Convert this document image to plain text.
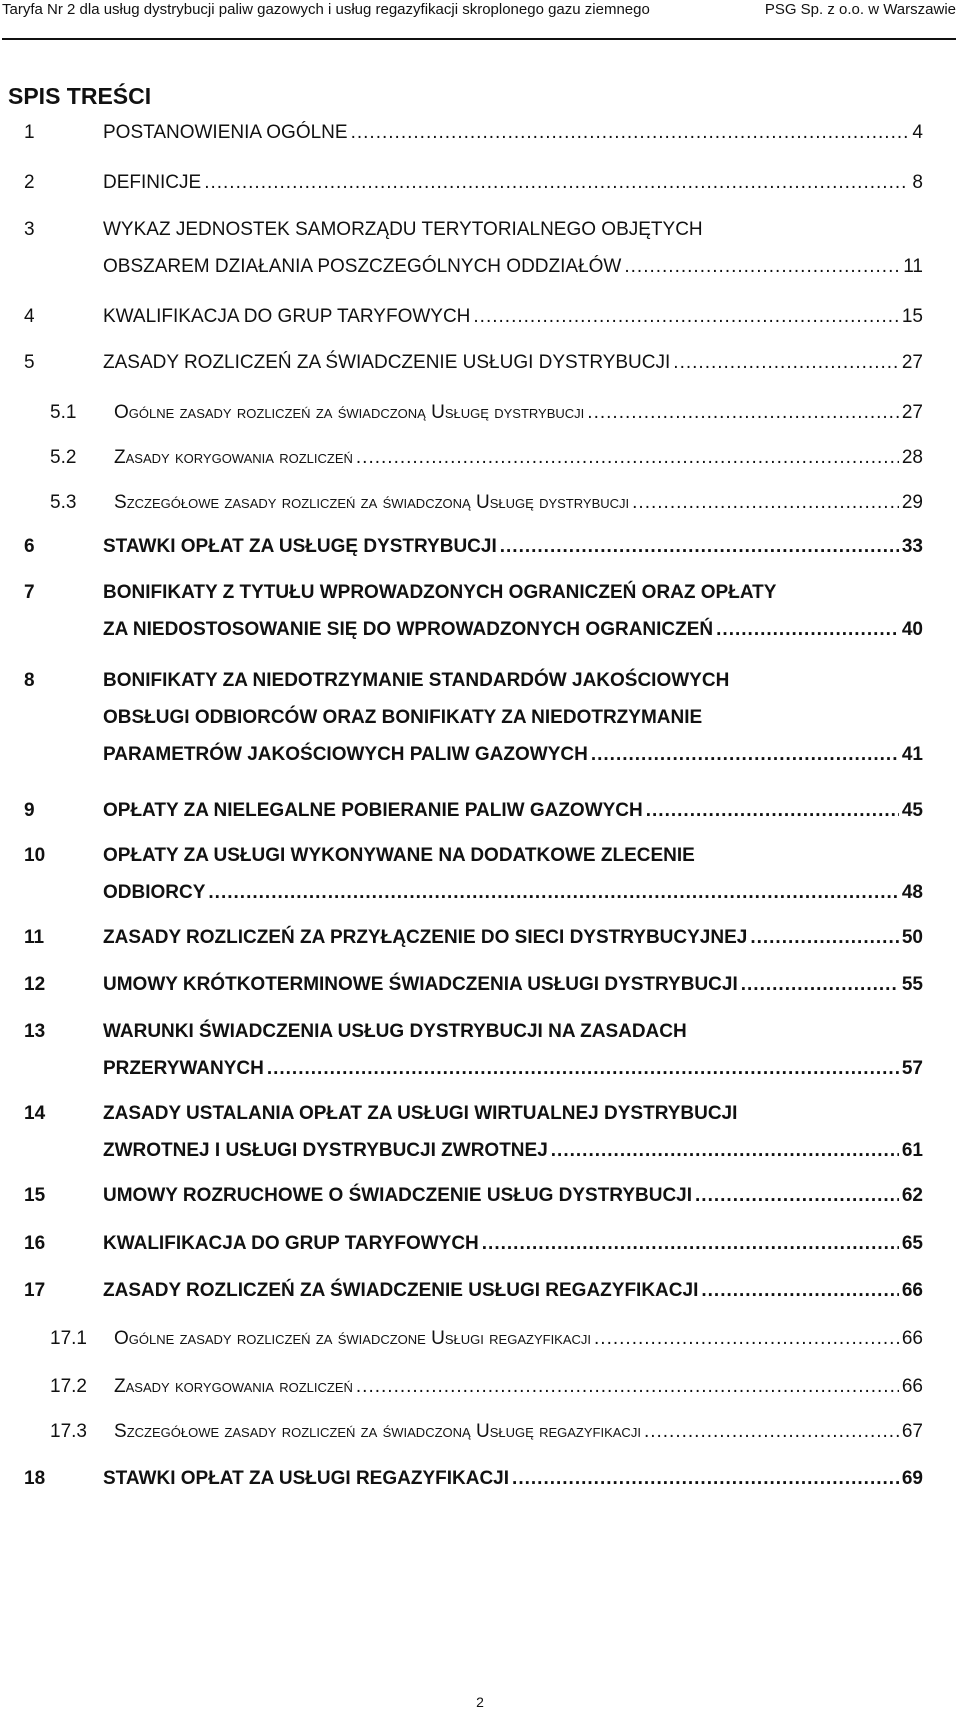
Taryfa Nr 2 dla usług dystrybucji paliw gazowych i usług regazyfikacji skroplonego gazu ziemnego	PSG Sp. z o.o. w Warszawie
SPIS TREŚCI
1	POSTANOWIENIA OGÓLNE .....	4
2	DEFINICJE .....	8
3	WYKAZ JEDNOSTEK SAMORZĄDU TERYTORIALNEGO OBJĘTYCH
OBSZAREM DZIAŁANIA POSZCZEGÓLNYCH ODDZIAŁÓW .....	11
4	KWALIFIKACJA DO GRUP TARYFOWYCH .....	15
5	ZASADY ROZLICZEŃ ZA ŚWIADCZENIE USŁUGI DYSTRYBUCJI .....	27
5.1 Ogólne zasady rozliczeń za świadczoną Usługę dystrybucji .....	27
5.2 Zasady korygowania rozliczeń .....	28
5.3 Szczegółowe zasady rozliczeń za świadczoną Usługę dystrybucji .....	29
6	STAWKI OPŁAT ZA USŁUGĘ DYSTRYBUCJI .....	33
7	BONIFIKATY Z TYTUŁU WPROWADZONYCH OGRANICZEŃ ORAZ OPŁATY
ZA NIEDOSTOSOWANIE SIĘ DO WPROWADZONYCH OGRANICZEŃ .....	40
8	BONIFIKATY ZA NIEDOTRZYMANIE STANDARDÓW JAKOŚCIOWYCH
OBSŁUGI ODBIORCÓW ORAZ BONIFIKATY ZA NIEDOTRZYMANIE
PARAMETRÓW JAKOŚCIOWYCH PALIW GAZOWYCH .....	41
9	OPŁATY ZA NIELEGALNE POBIERANIE PALIW GAZOWYCH .....	45
10	OPŁATY ZA USŁUGI WYKONYWANE NA DODATKOWE ZLECENIE
ODBIORCY .....	48
11	ZASADY ROZLICZEŃ ZA PRZYŁĄCZENIE DO SIECI DYSTRYBUCYJNEJ .....	50
12	UMOWY KRÓTKOTERMINOWE ŚWIADCZENIA USŁUGI DYSTRYBUCJI .....	55
13	WARUNKI ŚWIADCZENIA USŁUG DYSTRYBUCJI NA ZASADACH
PRZERYWANYCH .....	57
14	ZASADY USTALANIA OPŁAT ZA USŁUGI WIRTUALNEJ DYSTRYBUCJI
ZWROTNEJ I USŁUGI DYSTRYBUCJI ZWROTNEJ .....	61
15	UMOWY ROZRUCHOWE O ŚWIADCZENIE USŁUG DYSTRYBUCJI .....	62
16	KWALIFIKACJA DO GRUP TARYFOWYCH .....	65
17	ZASADY ROZLICZEŃ ZA ŚWIADCZENIE USŁUGI REGAZYFIKACJI .....	66
17.1 Ogólne zasady rozliczeń za świadczone Usługi regazyfikacji .....	66
17.2 Zasady korygowania rozliczeń .....	66
17.3 Szczegółowe zasady rozliczeń za świadczoną Usługę regazyfikacji .....	67
18	STAWKI OPŁAT ZA USŁUGI REGAZYFIKACJI .....	69
2
